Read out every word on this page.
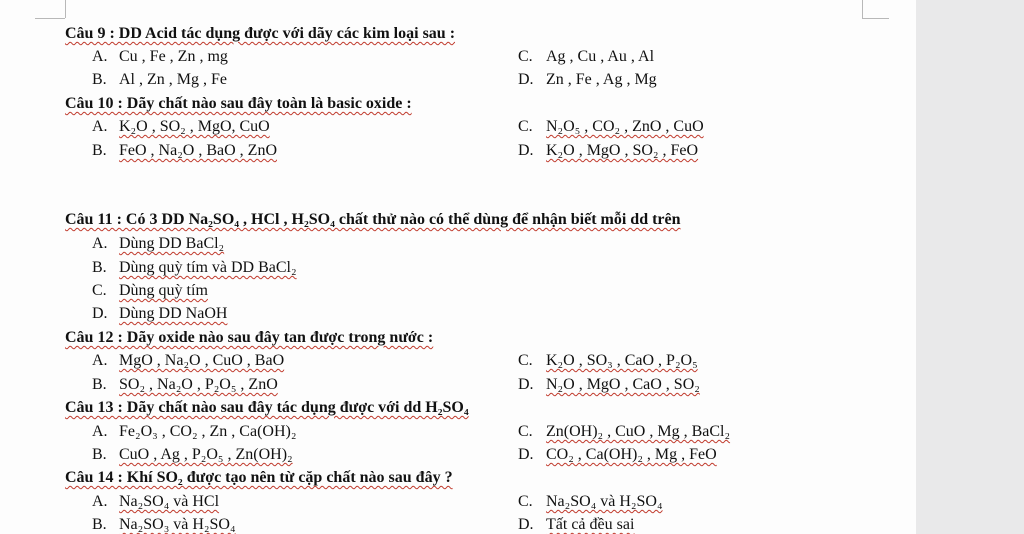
Câu 9 : DD Acid tác dụng được với dãy các kim loại sau :
A. Cu , Fe , Zn , mg	C. Ag , Cu , Au , Al
B. Al , Zn , Mg , Fe	D. Zn , Fe , Ag , Mg
Câu 10 : Dãy chất nào sau đây toàn là basic oxide :
A. K₂O , SO₂ , MgO, CuO	C. N₂O₅ , CO₂ , ZnO , CuO
B. FeO , Na₂O , BaO , ZnO	D. K₂O , MgO , SO₂ , FeO
Câu 11 : Có 3 DD Na₂SO₄ , HCl , H₂SO₄ chất thử nào có thể dùng để nhận biết mỗi dd trên
A. Dùng DD BaCl₂
B. Dùng quỳ tím và DD BaCl₂
C. Dùng quỳ tím
D. Dùng DD NaOH
Câu 12 : Dãy oxide nào sau đây tan được trong nước :
A. MgO , Na₂O , CuO , BaO	C. K₂O , SO₃ , CaO , P₂O₅
B. SO₂ , Na₂O , P₂O₅ , ZnO	D. N₂O , MgO , CaO , SO₂
Câu 13 : Dãy chất nào sau đây tác dụng được với dd H₂SO₄
A. Fe₂O₃ , CO₂ , Zn , Ca(OH)₂	C. Zn(OH)₂ , CuO , Mg , BaCl₂
B. CuO , Ag , P₂O₅ , Zn(OH)₂	D. CO₂ , Ca(OH)₂ , Mg , FeO
Câu 14 : Khí SO₂ được tạo nên từ cặp chất nào sau đây ?
A. Na₂SO₄ và HCl	C. Na₂SO₄ và H₂SO₄
B. Na₂SO₃ và H₂SO₄	D. Tất cả đều sai
